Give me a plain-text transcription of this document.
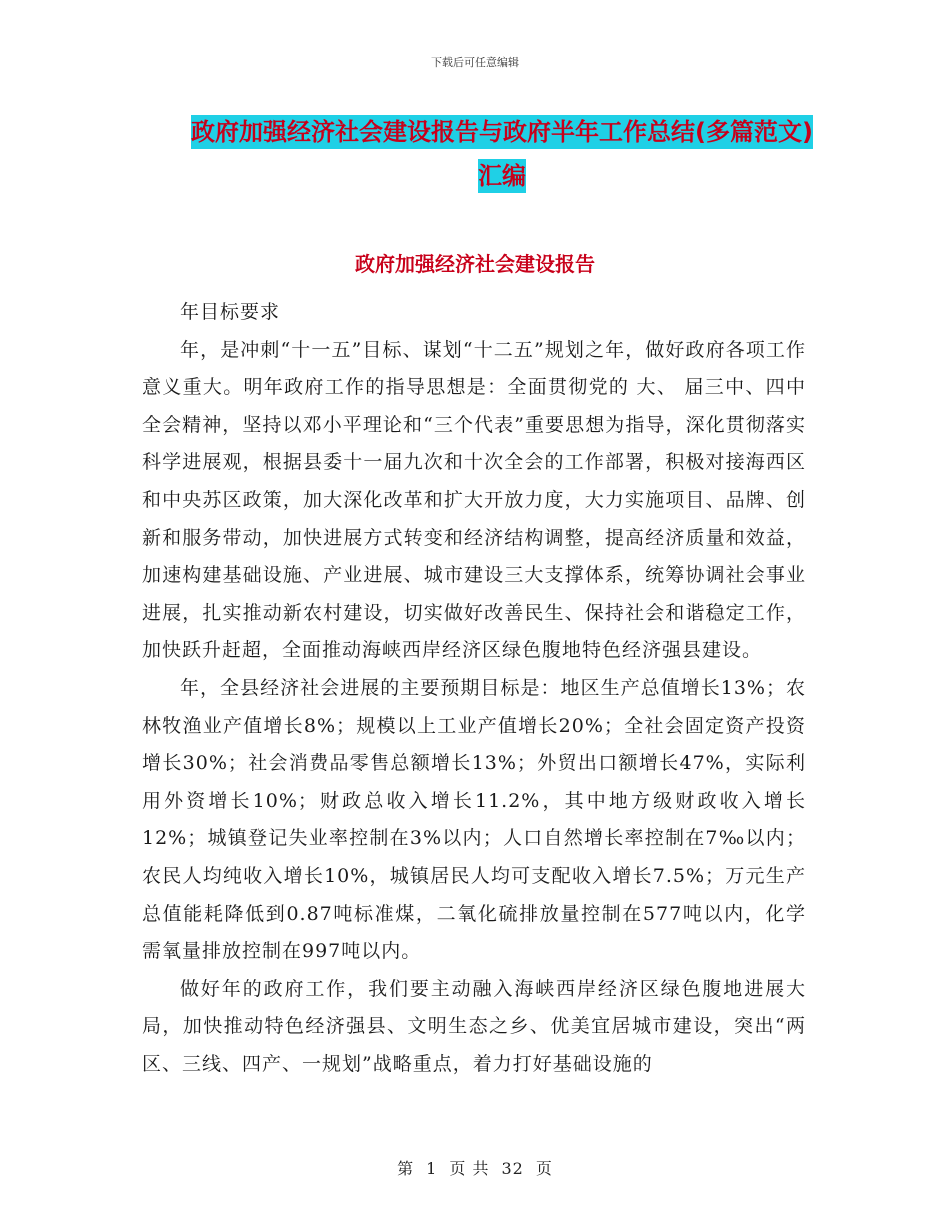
下载后可任意编辑
政府加强经济社会建设报告与政府半年工作总结(多篇范文)汇编
政府加强经济社会建设报告

年目标要求

年，是冲刺“十一五”目标、谋划“十二五”规划之年，做好政府各项工作意义重大。明年政府工作的指导思想是：全面贯彻党的 大、 届三中、四中全会精神，坚持以邓小平理论和“三个代表”重要思想为指导，深化贯彻落实科学进展观，根据县委十一届九次和十次全会的工作部署，积极对接海西区和中央苏区政策，加大深化改革和扩大开放力度，大力实施项目、品牌、创新和服务带动，加快进展方式转变和经济结构调整，提高经济质量和效益，加速构建基础设施、产业进展、城市建设三大支撑体系，统筹协调社会事业进展，扎实推动新农村建设，切实做好改善民生、保持社会和谐稳定工作，加快跃升赶超，全面推动海峡西岸经济区绿色腹地特色经济强县建设。

年，全县经济社会进展的主要预期目标是：地区生产总值增长13%；农林牧渔业产值增长8%；规模以上工业产值增长20%；全社会固定资产投资增长30%；社会消费品零售总额增长13%；外贸出口额增长47%，实际利用外资增长10%；财政总收入增长11.2%，其中地方级财政收入增长12%；城镇登记失业率控制在3%以内；人口自然增长率控制在7‰以内；农民人均纯收入增长10%，城镇居民人均可支配收入增长7.5%；万元生产总值能耗降低到0.87吨标准煤，二氧化硫排放量控制在577吨以内，化学需氧量排放控制在997吨以内。

做好年的政府工作，我们要主动融入海峡西岸经济区绿色腹地进展大局，加快推动特色经济强县、文明生态之乡、优美宜居城市建设，突出“两区、三线、四产、一规划”战略重点，着力打好基础设施的

第 1 页 共 32 页
